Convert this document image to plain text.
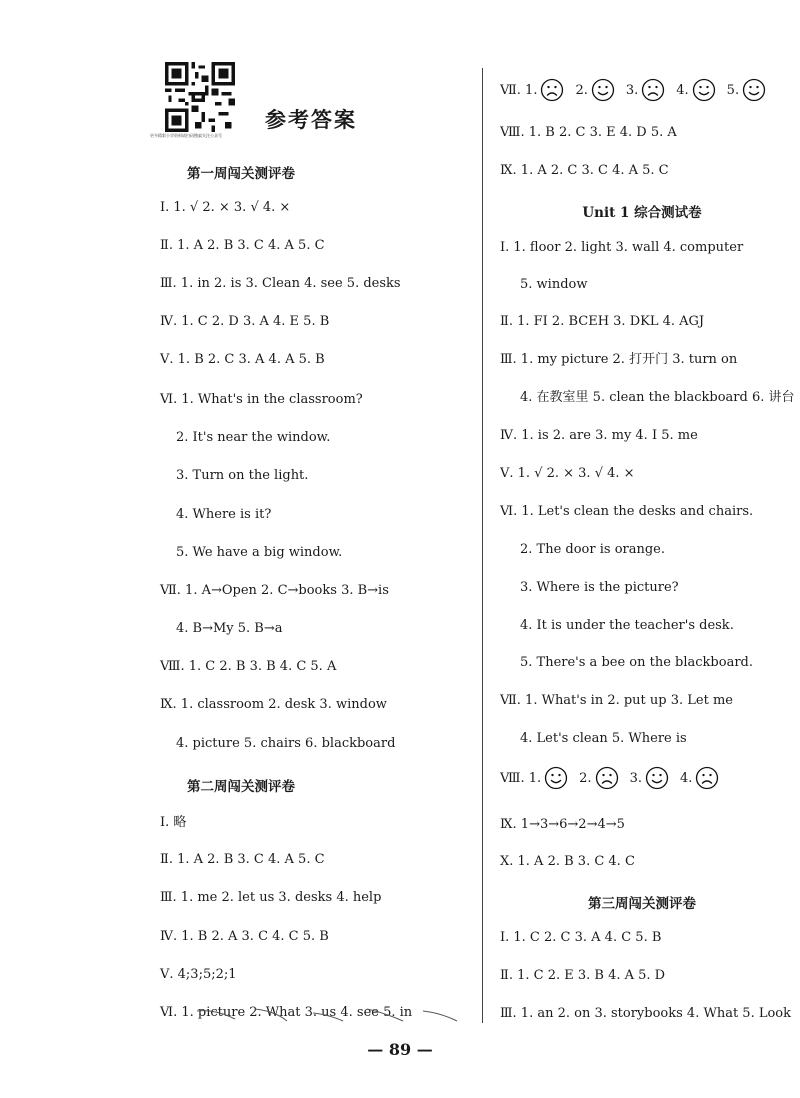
更多精彩小学资料请扫码搜索关注公众号
参考答案
第一周闯关测评卷
Ⅰ. 1. √ 2. × 3. √ 4. ×
Ⅱ. 1. A 2. B 3. C 4. A 5. C
Ⅲ. 1. in 2. is 3. Clean 4. see 5. desks
Ⅳ. 1. C 2. D 3. A 4. E 5. B
Ⅴ. 1. B 2. C 3. A 4. A 5. B
Ⅵ. 1. What's in the classroom?
2. It's near the window.
3. Turn on the light.
4. Where is it?
5. We have a big window.
Ⅶ. 1. A→Open 2. C→books 3. B→is
4. B→My 5. B→a
Ⅷ. 1. C 2. B 3. B 4. C 5. A
Ⅸ. 1. classroom 2. desk 3. window
4. picture 5. chairs 6. blackboard
第二周闯关测评卷
Ⅰ. 略
Ⅱ. 1. A 2. B 3. C 4. A 5. C
Ⅲ. 1. me 2. let us 3. desks 4. help
Ⅳ. 1. B 2. A 3. C 4. C 5. B
Ⅴ. 4;3;5;2;1
Ⅵ. 1. picture 2. What 3. us 4. see 5. in
Ⅶ. 1.	2.	3.	4.	5.
Ⅷ. 1. B 2. C 3. E 4. D 5. A
Ⅸ. 1. A 2. C 3. C 4. A 5. C
Unit 1 综合测试卷
Ⅰ. 1. floor 2. light 3. wall 4. computer
5. window
Ⅱ. 1. FI 2. BCEH 3. DKL 4. AGJ
Ⅲ. 1. my picture 2. 打开门 3. turn on
4. 在教室里 5. clean the blackboard 6. 讲台
Ⅳ. 1. is 2. are 3. my 4. I 5. me
Ⅴ. 1. √ 2. × 3. √ 4. ×
Ⅵ. 1. Let's clean the desks and chairs.
2. The door is orange.
3. Where is the picture?
4. It is under the teacher's desk.
5. There's a bee on the blackboard.
Ⅶ. 1. What's in 2. put up 3. Let me
4. Let's clean 5. Where is
Ⅷ. 1.	2.	3.	4.
Ⅸ. 1→3→6→2→4→5
Ⅹ. 1. A 2. B 3. C 4. C
第三周闯关测评卷
Ⅰ. 1. C 2. C 3. A 4. C 5. B
Ⅱ. 1. C 2. E 3. B 4. A 5. D
Ⅲ. 1. an 2. on 3. storybooks 4. What 5. Look
— 89 —
